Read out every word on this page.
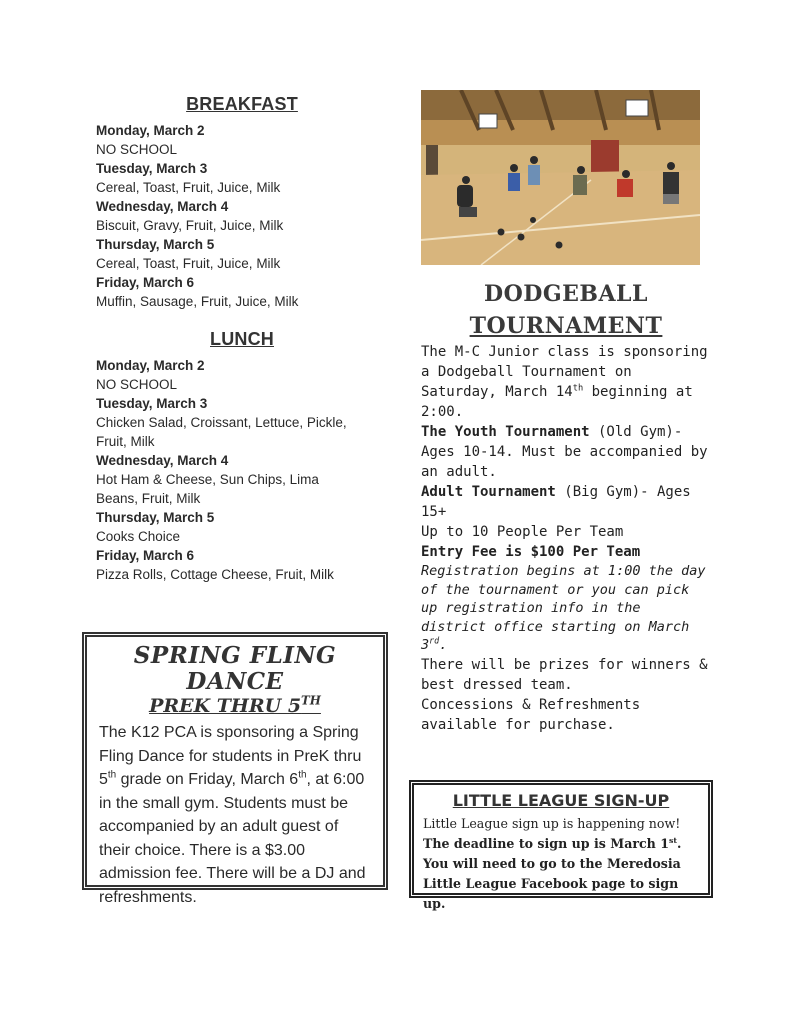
BREAKFAST
Monday, March 2
NO SCHOOL
Tuesday, March 3
Cereal, Toast, Fruit, Juice, Milk
Wednesday, March 4
Biscuit, Gravy, Fruit, Juice, Milk
Thursday, March 5
Cereal, Toast, Fruit, Juice, Milk
Friday, March 6
Muffin, Sausage, Fruit, Juice, Milk
LUNCH
Monday, March 2
NO SCHOOL
Tuesday, March 3
Chicken Salad, Croissant, Lettuce, Pickle, Fruit, Milk
Wednesday, March 4
Hot Ham & Cheese, Sun Chips, Lima Beans, Fruit, Milk
Thursday, March 5
Cooks Choice
Friday, March 6
Pizza Rolls, Cottage Cheese, Fruit, Milk
DODGEBALL
TOURNAMENT

The M-C Junior class is sponsoring a Dodgeball Tournament on Saturday, March 14th beginning at 2:00.

The Youth Tournament (Old Gym)- Ages 10-14. Must be accompanied by an adult.

Adult Tournament (Big Gym)- Ages 15+

Up to 10 People Per Team

Entry Fee is $100 Per Team

Registration begins at 1:00 the day of the tournament or you can pick up registration info in the district office starting on March 3rd.

There will be prizes for winners & best dressed team.

Concessions & Refreshments available for purchase.

SPRING FLING DANCE
PREK THRU 5TH
The K12 PCA is sponsoring a Spring Fling Dance for students in PreK thru 5th grade on Friday, March 6th, at 6:00 in the small gym. Students must be accompanied by an adult guest of their choice. There is a $3.00 admission fee. There will be a DJ and refreshments.
LITTLE LEAGUE SIGN-UP

Little League sign up is happening now!

The deadline to sign up is March 1st.

You will need to go to the Meredosia Little League Facebook page to sign up.
